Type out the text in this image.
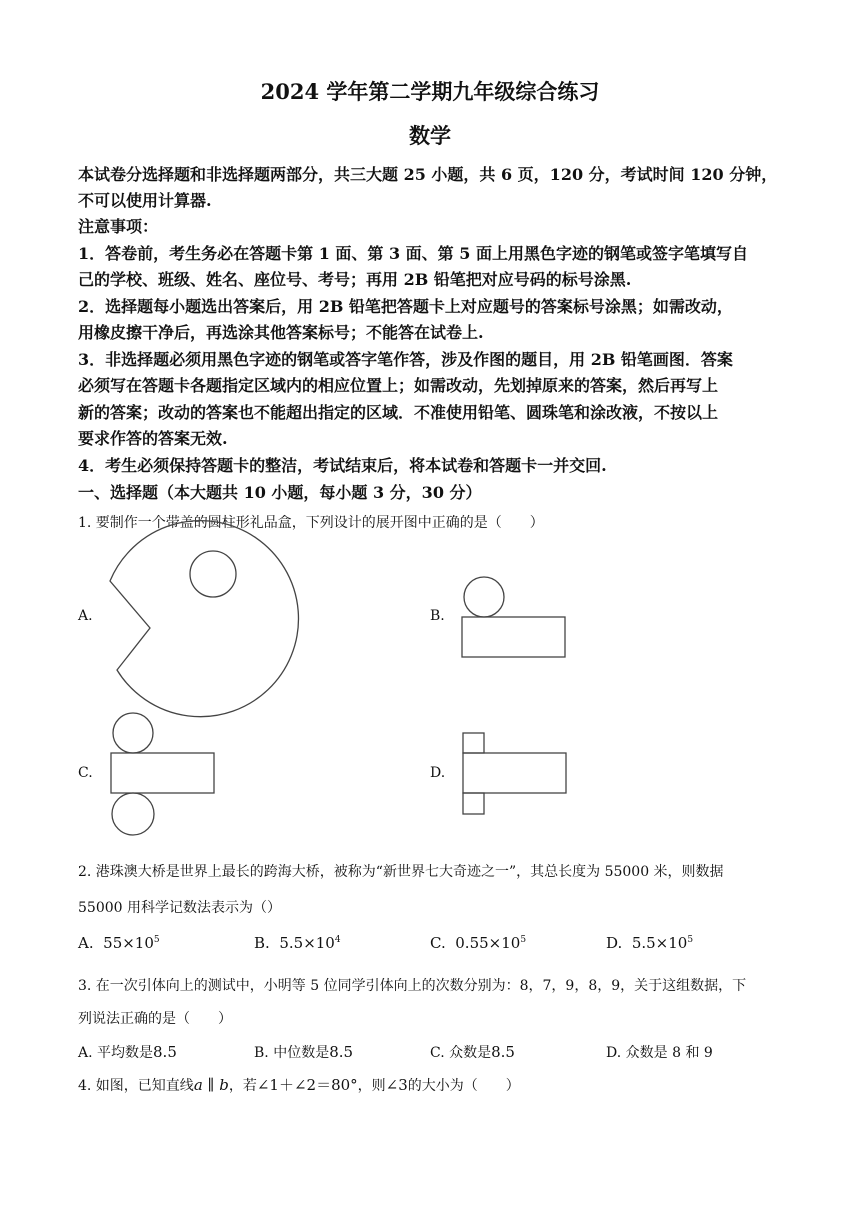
2024 学年第二学期九年级综合练习
数学
本试卷分选择题和非选择题两部分，共三大题 25 小题，共 6 页，120 分，考试时间 120 分钟，
不可以使用计算器.
注意事项：
1．答卷前，考生务必在答题卡第 1 面、第 3 面、第 5 面上用黑色字迹的钢笔或签字笔填写自
己的学校、班级、姓名、座位号、考号；再用 2B 铅笔把对应号码的标号涂黑.
2．选择题每小题选出答案后，用 2B 铅笔把答题卡上对应题号的答案标号涂黑；如需改动，
用橡皮擦干净后，再选涂其他答案标号；不能答在试卷上.
3．非选择题必须用黑色字迹的钢笔或答字笔作答，涉及作图的题目，用 2B 铅笔画图．答案
必须写在答题卡各题指定区域内的相应位置上；如需改动，先划掉原来的答案，然后再写上
新的答案；改动的答案也不能超出指定的区域．不准使用铅笔、圆珠笔和涂改液，不按以上
要求作答的答案无效.
4．考生必须保持答题卡的整洁，考试结束后，将本试卷和答题卡一并交回.
一、选择题（本大题共 10 小题，每小题 3 分，30 分）
1. 要制作一个带盖的圆柱形礼品盒，下列设计的展开图中正确的是（　　）
A.	B.
C.	D.
2. 港珠澳大桥是世界上最长的跨海大桥，被称为“新世界七大奇迹之一”，其总长度为 55000 米，则数据
55000 用科学记数法表示为（）
A. $55\times 10^5$	B. $5.5\times 10^4$	C. $0.55\times 10^5$	D. $5.5\times 10^5$
3. 在一次引体向上的测试中，小明等 5 位同学引体向上的次数分别为：8，7，9，8，9，关于这组数据，下
列说法正确的是（　　）
A. 平均数是8.5	B. 中位数是8.5	C. 众数是8.5	D. 众数是 8 和 9
4. 如图，已知直线a ∥ b，若∠1＋∠2＝80°，则∠3的大小为（　　）
